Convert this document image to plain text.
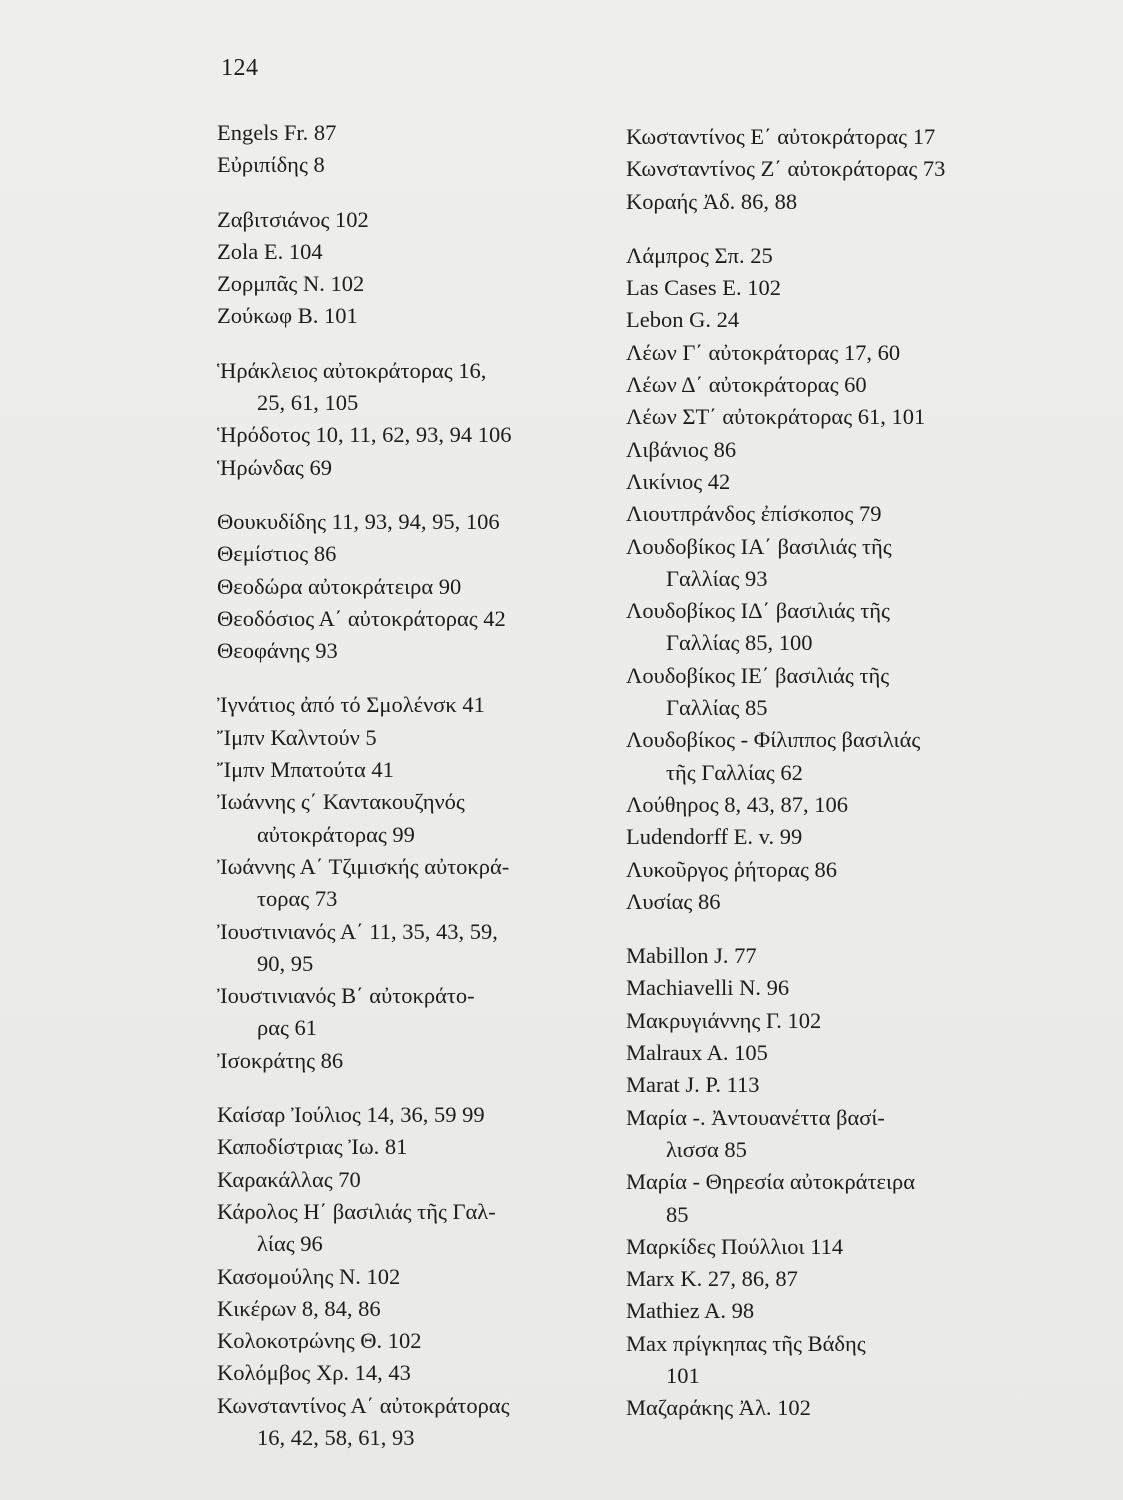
124
Engels Fr. 87
Εὐριπίδης 8
Ζαβιτσιάνος 102
Zola E. 104
Ζορμπᾶς Ν. 102
Ζούκωφ Β. 101
Ἡράκλειος αὐτοκράτορας 16,
25, 61, 105
Ἡρόδοτος 10, 11, 62, 93, 94 106
Ἡρώνδας 69
Θουκυδίδης 11, 93, 94, 95, 106
Θεμίστιος 86
Θεοδώρα αὐτοκράτειρα 90
Θεοδόσιος Α΄ αὐτοκράτορας 42
Θεοφάνης 93
Ἰγνάτιος ἀπό τό Σμολένσκ 41
Ἴμπν Καλντούν 5
Ἴμπν Μπατούτα 41
Ἰωάννης ς΄ Καντακουζηνός
αὐτοκράτορας 99
Ἰωάννης Α΄ Τζιμισκής αὐτοκρά-
τορας 73
Ἰουστινιανός Α΄ 11, 35, 43, 59,
90, 95
Ἰουστινιανός Β΄ αὐτοκράτο-
ρας 61
Ἰσοκράτης 86
Καίσαρ Ἰούλιος 14, 36, 59 99
Καποδίστριας Ἰω. 81
Καρακάλλας 70
Κάρολος Η΄ βασιλιάς τῆς Γαλ-
λίας 96
Κασομούλης Ν. 102
Κικέρων 8, 84, 86
Κολοκοτρώνης Θ. 102
Κολόμβος Χρ. 14, 43
Κωνσταντίνος Α΄ αὐτοκράτορας
16, 42, 58, 61, 93
Κωσταντίνος Ε΄ αὐτοκράτορας 17
Κωνσταντίνος Ζ΄ αὐτοκράτορας 73
Κοραής Ἀδ. 86, 88
Λάμπρος Σπ. 25
Las Cases E. 102
Lebon G. 24
Λέων Γ΄ αὐτοκράτορας 17, 60
Λέων Δ΄ αὐτοκράτορας 60
Λέων ΣΤ΄ αὐτοκράτορας 61, 101
Λιβάνιος 86
Λικίνιος 42
Λιουτπράνδος ἐπίσκοπος 79
Λουδοβίκος ΙΑ΄ βασιλιάς τῆς
Γαλλίας 93
Λουδοβίκος ΙΔ΄ βασιλιάς τῆς
Γαλλίας 85, 100
Λουδοβίκος ΙΕ΄ βασιλιάς τῆς
Γαλλίας 85
Λουδοβίκος - Φίλιππος βασιλιάς
τῆς Γαλλίας 62
Λούθηρος 8, 43, 87, 106
Ludendorff E. v. 99
Λυκοῦργος ῥήτορας 86
Λυσίας 86
Mabillon J. 77
Machiavelli N. 96
Μακρυγιάννης Γ. 102
Malraux A. 105
Marat J. P. 113
Μαρία -. Ἀντουανέττα βασί-
λισσα 85
Μαρία - Θηρεσία αὐτοκράτειρα
85
Μαρκίδες Πούλλιοι 114
Marx K. 27, 86, 87
Mathiez A. 98
Max πρίγκηπας τῆς Βάδης
101
Μαζαράκης Ἀλ. 102
